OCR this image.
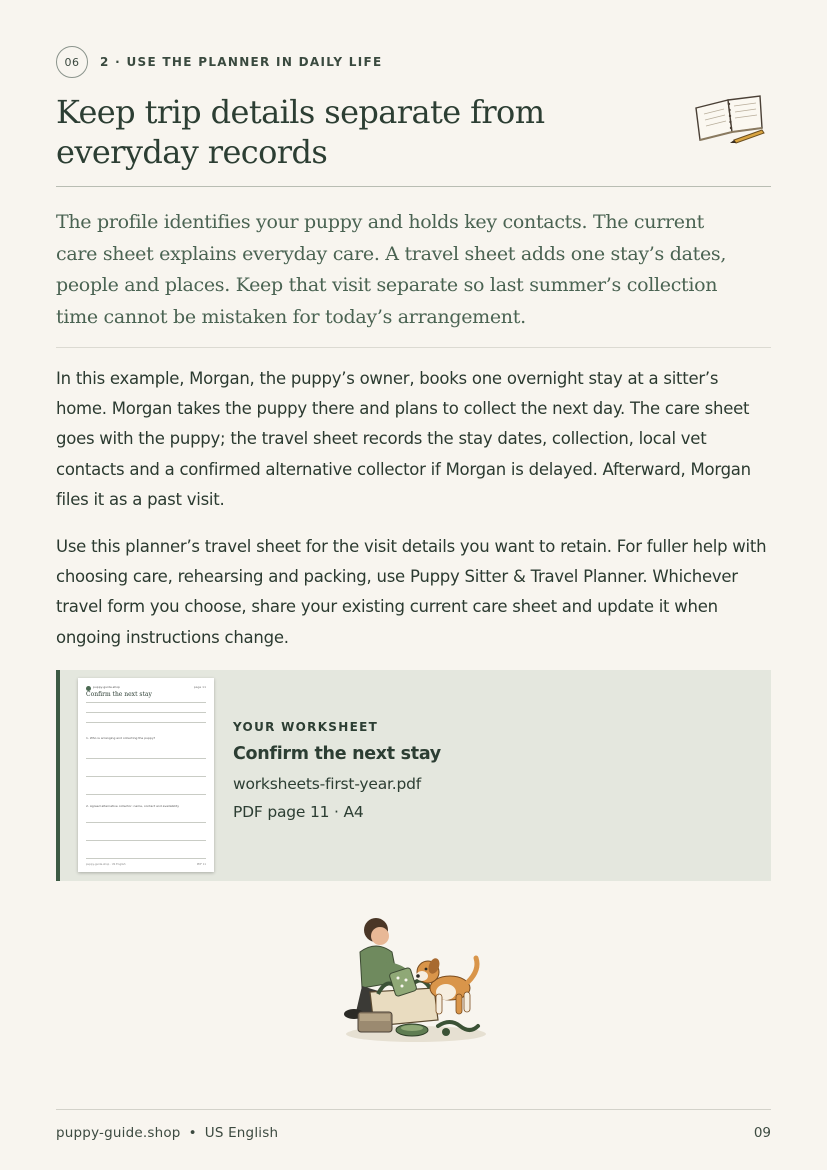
06	2 · USE THE PLANNER IN DAILY LIFE
Keep trip details separate from everyday records

The profile identifies your puppy and holds key contacts. The current care sheet explains everyday care. A travel sheet adds one stay’s dates, people and places. Keep that visit separate so last summer’s collection time cannot be mistaken for today’s arrangement.

In this example, Morgan, the puppy’s owner, books one overnight stay at a sitter’s home. Morgan takes the puppy there and plans to collect the next day. The care sheet goes with the puppy; the travel sheet records the stay dates, collection, local vet contacts and a confirmed alternative collector if Morgan is delayed. Afterward, Morgan files it as a past visit.

Use this planner’s travel sheet for the visit details you want to retain. For fuller help with choosing care, rehearsing and packing, use Puppy Sitter & Travel Planner. Whichever travel form you choose, share your existing current care sheet and update it when ongoing instructions change.

puppy-guide.shop	page 11
Confirm the next stay
1. Who is arranging and collecting the puppy?
2. Agreed alternative collector: name, contact and availability
puppy-guide.shop · US English	PDF 11
YOUR WORKSHEET
Confirm the next stay
worksheets-first-year.pdf
PDF page 11 · A4
puppy-guide.shop • US English	09
